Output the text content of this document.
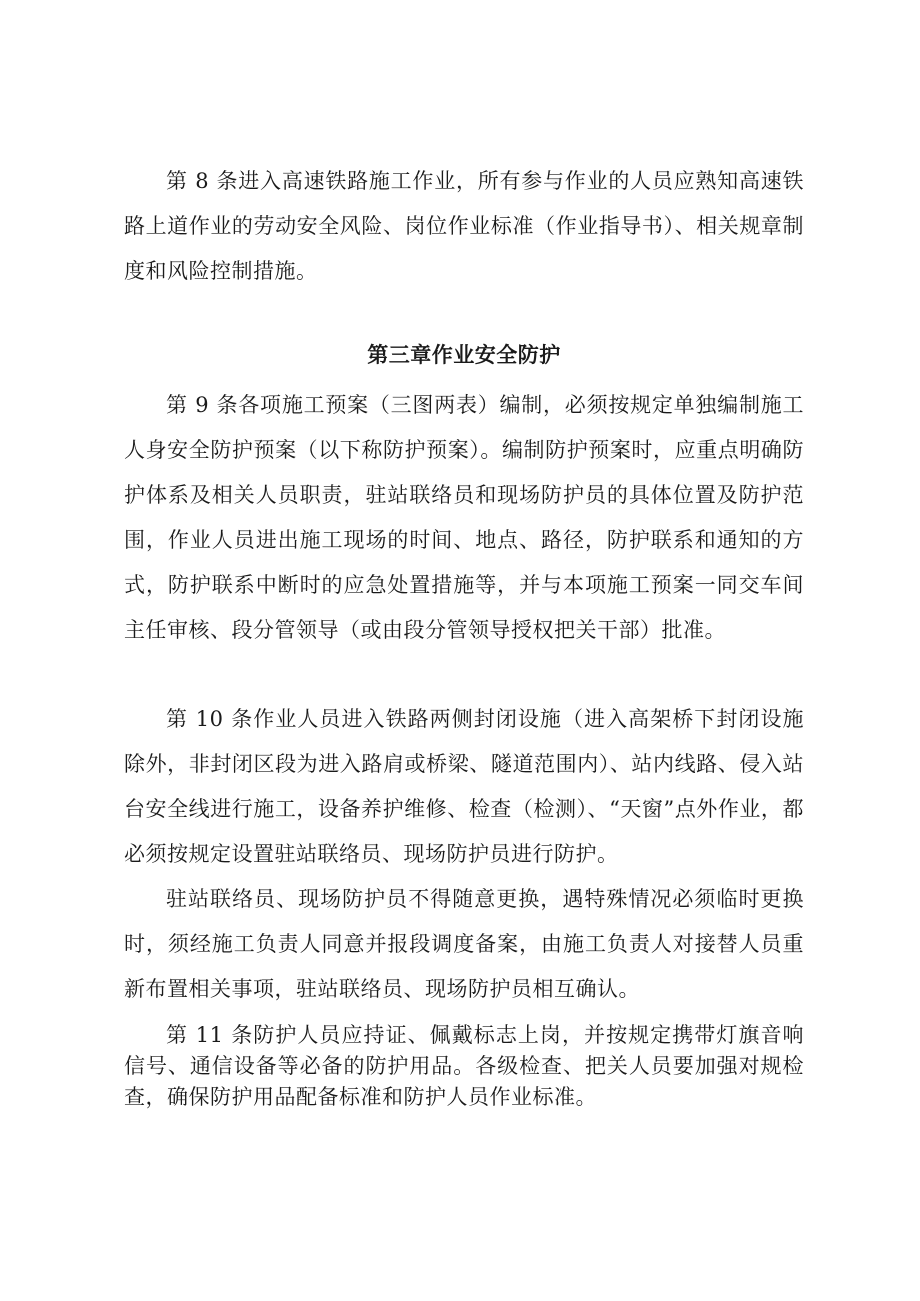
第 8 条进入高速铁路施工作业，所有参与作业的人员应熟知高速铁路上道作业的劳动安全风险、岗位作业标准（作业指导书）、相关规章制度和风险控制措施。

第三章作业安全防护

第 9 条各项施工预案（三图两表）编制，必须按规定单独编制施工人身安全防护预案（以下称防护预案）。编制防护预案时，应重点明确防护体系及相关人员职责，驻站联络员和现场防护员的具体位置及防护范围，作业人员进出施工现场的时间、地点、路径，防护联系和通知的方式，防护联系中断时的应急处置措施等，并与本项施工预案一同交车间主任审核、段分管领导（或由段分管领导授权把关干部）批准。

第 10 条作业人员进入铁路两侧封闭设施（进入高架桥下封闭设施除外，非封闭区段为进入路肩或桥梁、隧道范围内）、站内线路、侵入站台安全线进行施工，设备养护维修、检查（检测）、“天窗”点外作业，都必须按规定设置驻站联络员、现场防护员进行防护。

驻站联络员、现场防护员不得随意更换，遇特殊情况必须临时更换时，须经施工负责人同意并报段调度备案，由施工负责人对接替人员重新布置相关事项，驻站联络员、现场防护员相互确认。

第 11 条防护人员应持证、佩戴标志上岗，并按规定携带灯旗音响信号、通信设备等必备的防护用品。各级检查、把关人员要加强对规检查，确保防护用品配备标准和防护人员作业标准。
